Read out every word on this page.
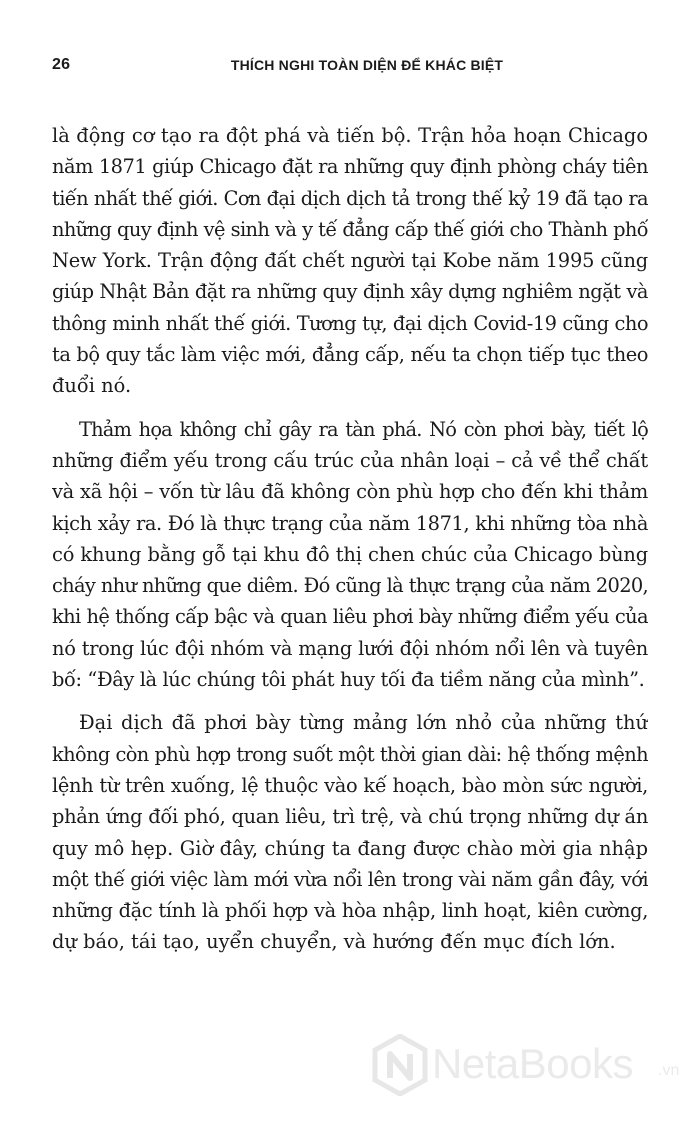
26	THÍCH NGHI TOÀN DIỆN ĐỂ KHÁC BIỆT

là động cơ tạo ra đột phá và tiến bộ. Trận hỏa hoạn Chicago
năm 1871 giúp Chicago đặt ra những quy định phòng cháy tiên
tiến nhất thế giới. Cơn đại dịch dịch tả trong thế kỷ 19 đã tạo ra
những quy định vệ sinh và y tế đẳng cấp thế giới cho Thành phố
New York. Trận động đất chết người tại Kobe năm 1995 cũng
giúp Nhật Bản đặt ra những quy định xây dựng nghiêm ngặt và
thông minh nhất thế giới. Tương tự, đại dịch Covid-19 cũng cho
ta bộ quy tắc làm việc mới, đẳng cấp, nếu ta chọn tiếp tục theo
đuổi nó.

Thảm họa không chỉ gây ra tàn phá. Nó còn phơi bày, tiết lộ
những điểm yếu trong cấu trúc của nhân loại – cả về thể chất
và xã hội – vốn từ lâu đã không còn phù hợp cho đến khi thảm
kịch xảy ra. Đó là thực trạng của năm 1871, khi những tòa nhà
có khung bằng gỗ tại khu đô thị chen chúc của Chicago bùng
cháy như những que diêm. Đó cũng là thực trạng của năm 2020,
khi hệ thống cấp bậc và quan liêu phơi bày những điểm yếu của
nó trong lúc đội nhóm và mạng lưới đội nhóm nổi lên và tuyên
bố: “Đây là lúc chúng tôi phát huy tối đa tiềm năng của mình”.

Đại dịch đã phơi bày từng mảng lớn nhỏ của những thứ
không còn phù hợp trong suốt một thời gian dài: hệ thống mệnh
lệnh từ trên xuống, lệ thuộc vào kế hoạch, bào mòn sức người,
phản ứng đối phó, quan liêu, trì trệ, và chú trọng những dự án
quy mô hẹp. Giờ đây, chúng ta đang được chào mời gia nhập
một thế giới việc làm mới vừa nổi lên trong vài năm gần đây, với
những đặc tính là phối hợp và hòa nhập, linh hoạt, kiên cường,
dự báo, tái tạo, uyển chuyển, và hướng đến mục đích lớn.

NetaBooks .vn
